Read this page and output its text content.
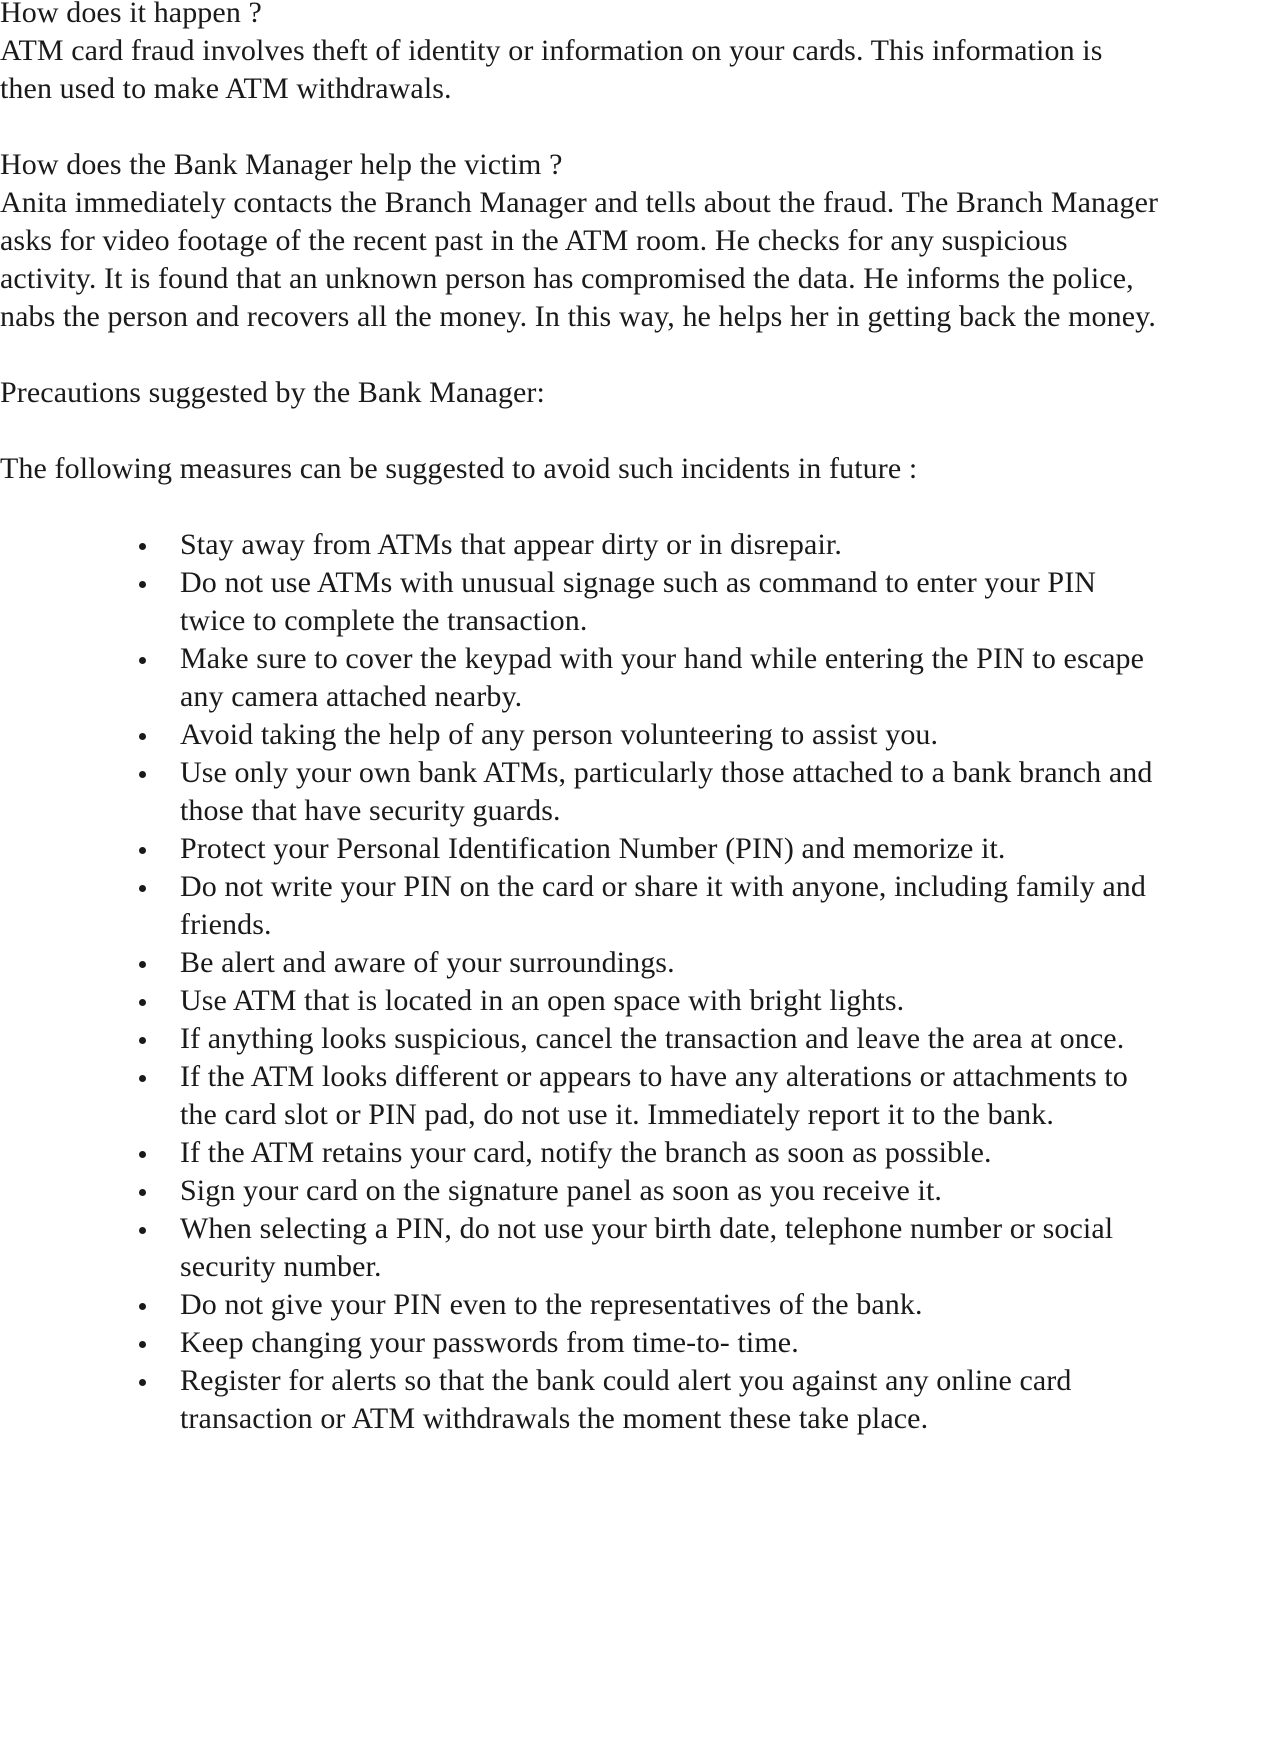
How does it happen ?

ATM card fraud involves theft of identity or information on your cards. This information is then used to make ATM withdrawals.

How does the Bank Manager help the victim ?

Anita immediately contacts the Branch Manager and tells about the fraud. The Branch Manager asks for video footage of the recent past in the ATM room. He checks for any suspicious activity. It is found that an unknown person has compromised the data. He informs the police, nabs the person and recovers all the money. In this way, he helps her in getting back the money.

Precautions suggested by the Bank Manager:

The following measures can be suggested to avoid such incidents in future :

Stay away from ATMs that appear dirty or in disrepair.
Do not use ATMs with unusual signage such as command to enter your PIN twice to complete the transaction.
Make sure to cover the keypad with your hand while entering the PIN to escape any camera attached nearby.
Avoid taking the help of any person volunteering to assist you.
Use only your own bank ATMs, particularly those attached to a bank branch and those that have security guards.
Protect your Personal Identification Number (PIN) and memorize it.
Do not write your PIN on the card or share it with anyone, including family and friends.
Be alert and aware of your surroundings.
Use ATM that is located in an open space with bright lights.
If anything looks suspicious, cancel the transaction and leave the area at once.
If the ATM looks different or appears to have any alterations or attachments to the card slot or PIN pad, do not use it. Immediately report it to the bank.
If the ATM retains your card, notify the branch as soon as possible.
Sign your card on the signature panel as soon as you receive it.
When selecting a PIN, do not use your birth date, telephone number or social security number.
Do not give your PIN even to the representatives of the bank.
Keep changing your passwords from time-to- time.
Register for alerts so that the bank could alert you against any online card transaction or ATM withdrawals the moment these take place.
